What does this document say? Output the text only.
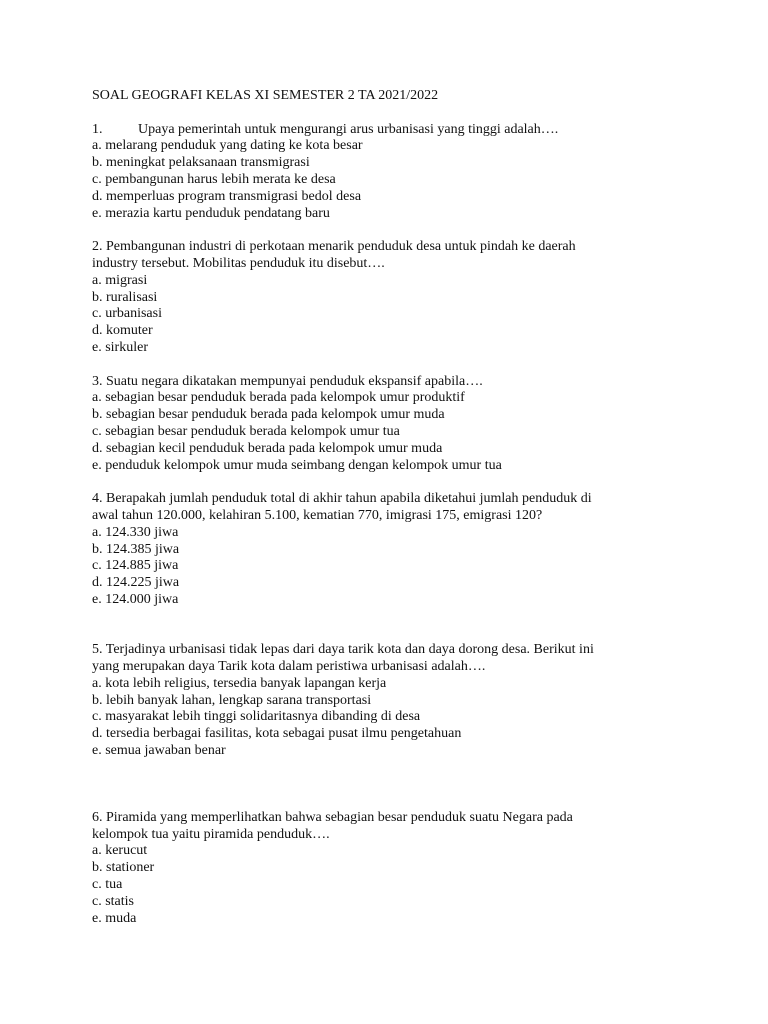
SOAL GEOGRAFI KELAS XI SEMESTER 2 TA 2021/2022
1.	Upaya pemerintah untuk mengurangi arus urbanisasi yang tinggi adalah….
a. melarang penduduk yang dating ke kota besar
b. meningkat pelaksanaan transmigrasi
c. pembangunan harus lebih merata ke desa
d. memperluas program transmigrasi bedol desa
e. merazia kartu penduduk pendatang baru
2. Pembangunan industri di perkotaan menarik penduduk desa untuk pindah ke daerah
industry tersebut. Mobilitas penduduk itu disebut….
a. migrasi
b. ruralisasi
c. urbanisasi
d. komuter
e. sirkuler
3. Suatu negara dikatakan mempunyai penduduk ekspansif apabila….
a. sebagian besar penduduk berada pada kelompok umur produktif
b. sebagian besar penduduk berada pada kelompok umur muda
c. sebagian besar penduduk berada kelompok umur tua
d. sebagian kecil penduduk berada pada kelompok umur muda
e. penduduk kelompok umur muda seimbang dengan kelompok umur tua
4. Berapakah jumlah penduduk total di akhir tahun apabila diketahui jumlah penduduk di
awal tahun 120.000, kelahiran 5.100, kematian 770, imigrasi 175, emigrasi 120?
a. 124.330 jiwa
b. 124.385 jiwa
c. 124.885 jiwa
d. 124.225 jiwa
e. 124.000 jiwa
5. Terjadinya urbanisasi tidak lepas dari daya tarik kota dan daya dorong desa. Berikut ini
yang merupakan daya Tarik kota dalam peristiwa urbanisasi adalah….
a. kota lebih religius, tersedia banyak lapangan kerja
b. lebih banyak lahan, lengkap sarana transportasi
c. masyarakat lebih tinggi solidaritasnya dibanding di desa
d. tersedia berbagai fasilitas, kota sebagai pusat ilmu pengetahuan
e. semua jawaban benar
6. Piramida yang memperlihatkan bahwa sebagian besar penduduk suatu Negara pada
kelompok tua yaitu piramida penduduk….
a. kerucut
b. stationer
c. tua
c. statis
e. muda
